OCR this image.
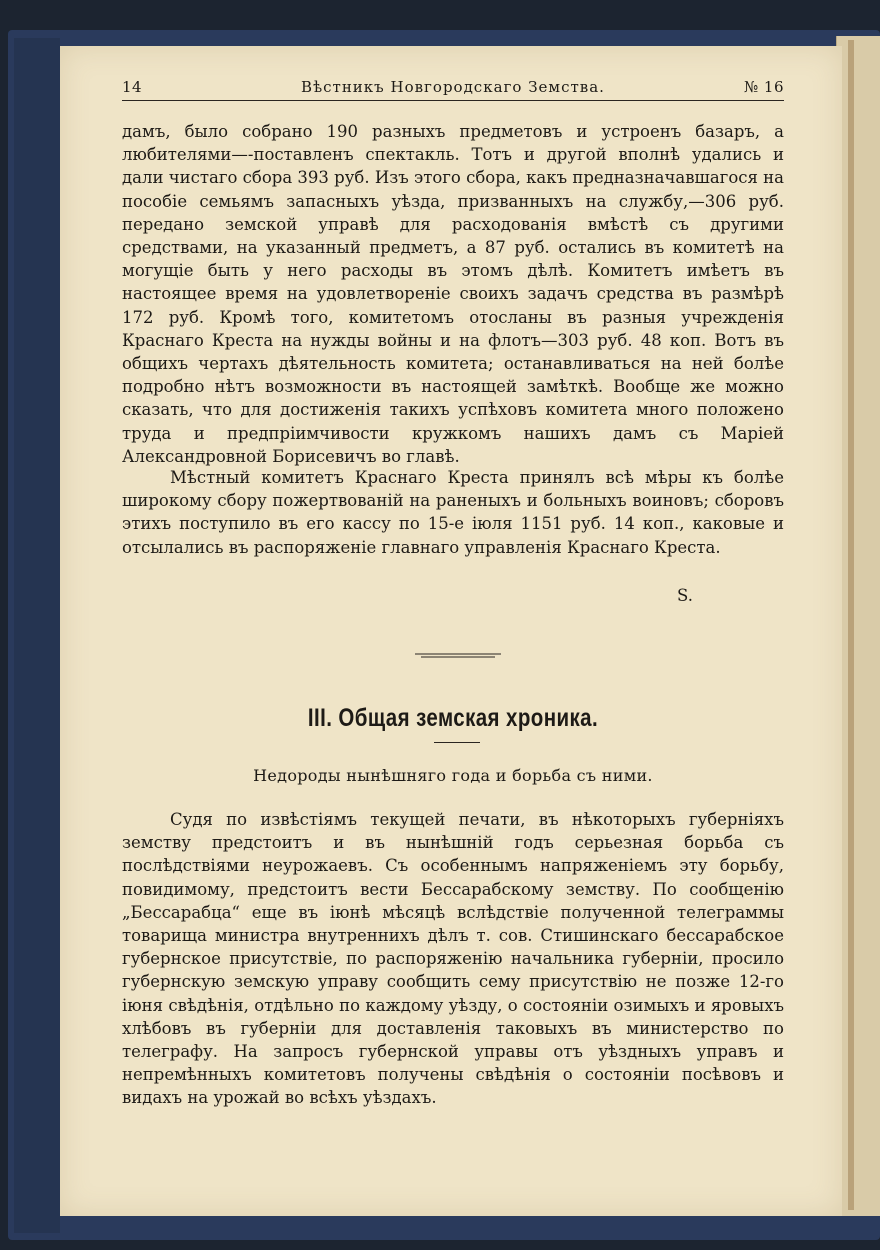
14	Вѣстникъ Новгородскаго Земства.	№ 16

дамъ, было собрано 190 разныхъ предметовъ и устроенъ базаръ, а любителями—-поставленъ спектакль. Тотъ и другой вполнѣ удались и дали чистаго сбора 393 руб. Изъ этого сбора, какъ предназначавшагося на пособіе семьямъ запасныхъ уѣзда, призванныхъ на службу,—306 руб. передано земской управѣ для расходованія вмѣстѣ съ другими средствами, на указанный предметъ, а 87 руб. остались въ комитетѣ на могущіе быть у него расходы въ этомъ дѣлѣ. Комитетъ имѣетъ въ настоящее время на удовлетвореніе своихъ задачъ средства въ размѣрѣ 172 руб. Кромѣ того, комитетомъ отосланы въ разныя учрежденія Краснаго Креста на нужды войны и на флотъ—303 руб. 48 коп. Вотъ въ общихъ чертахъ дѣятельность комитета; останавливаться на ней болѣе подробно нѣтъ возможности въ настоящей замѣткѣ. Вообще же можно сказать, что для достиженія такихъ успѣховъ комитета много положено труда и предпріимчивости кружкомъ нашихъ дамъ съ Маріей Александровной Борисевичъ во главѣ.

Мѣстный комитетъ Краснаго Креста принялъ всѣ мѣры къ болѣе широкому сбору пожертвованій на раненыхъ и больныхъ воиновъ; сборовъ этихъ поступило въ его кассу по 15-е іюля 1151 руб. 14 коп., каковые и отсылались въ распоряженіе главнаго управленія Краснаго Креста.

S.
III. Общая земская хроника.
Недороды нынѣшняго года и борьба съ ними.

Судя по извѣстіямъ текущей печати, въ нѣкоторыхъ губерніяхъ земству предстоитъ и въ нынѣшній годъ серьезная борьба съ послѣдствіями неурожаевъ. Съ особеннымъ напряженіемъ эту борьбу, повидимому, предстоитъ вести Бессарабскому земству. По сообщенію „Бессарабца“ еще въ іюнѣ мѣсяцѣ вслѣдствіе полученной телеграммы товарища министра внутреннихъ дѣлъ т. сов. Стишинскаго бессарабское губернское присутствіе, по распоряженію начальника губерніи, просило губернскую земскую управу сообщить сему присутствію не позже 12-го іюня свѣдѣнія, отдѣльно по каждому уѣзду, о состояніи озимыхъ и яровыхъ хлѣбовъ въ губерніи для доставленія таковыхъ въ министерство по телеграфу. На запросъ губернской управы отъ уѣздныхъ управъ и непремѣнныхъ комитетовъ получены свѣдѣнія о состояніи посѣвовъ и видахъ на урожай во всѣхъ уѣздахъ.
